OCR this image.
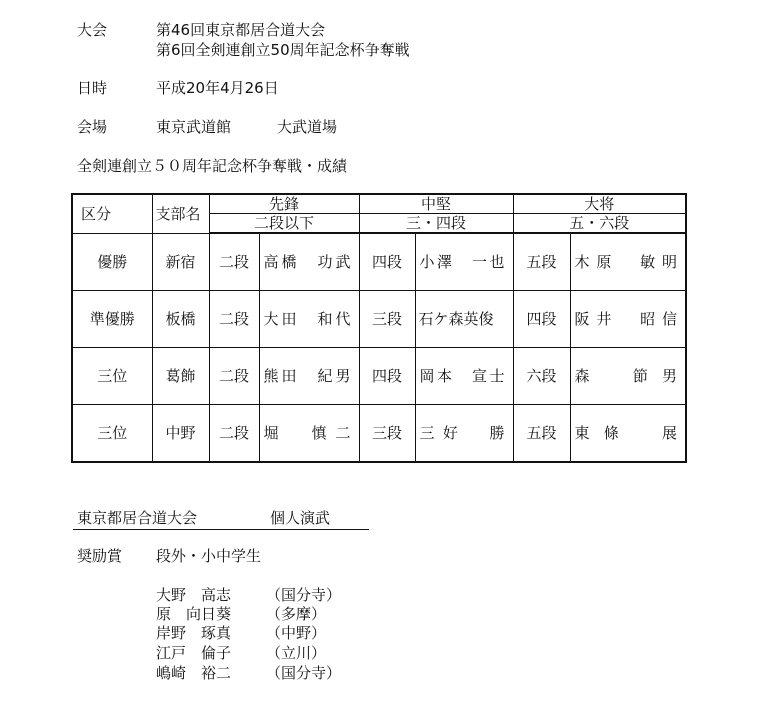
大会	第46回東京都居合道大会
第6回全剣連創立50周年記念杯争奪戦
日時	平成20年4月26日
会場	東京武道館	大武道場
全剣連創立５０周年記念杯争奪戦・成績
区分	支部名	先鋒		中堅		大将	
		二段以下		三・四段		五・六段	
優勝	新宿	二段	高橋　功武	四段	小澤　一也	五段	木原　敏明
準優勝	板橋	二段	大田　和代	三段	石ケ森英俊	四段	阪井　昭信
三位	葛飾	二段	熊田　紀男	四段	岡本　宣士	六段	森　節男
三位	中野	二段	堀　慎二	三段	三好　勝	五段	東條　展
東京都居合道大会	個人演武
奨励賞 段外・小中学生
大野　高志 （国分寺）
原　向日葵 （多摩）
岸野　琢真 （中野）
江戸　倫子 （立川）
嶋崎　裕二 （国分寺）
